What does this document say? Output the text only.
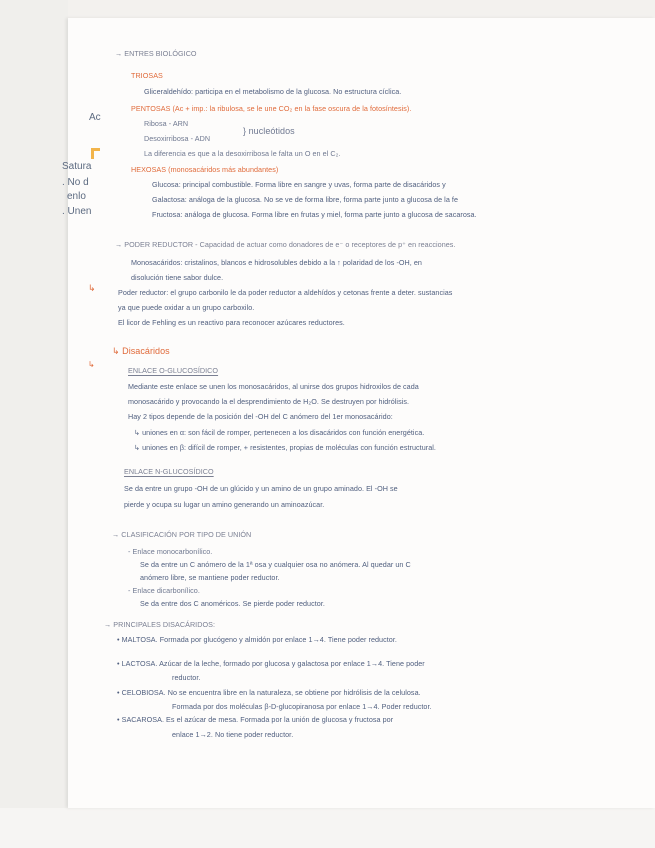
Ac
Satura
. No d
enlo
. Unen
↳
↳
→ ENTRES BIOLÓGICO
TRIOSAS
Gliceraldehído: participa en el metabolismo de la glucosa. No estructura cíclica.
PENTOSAS (Ac + imp.: la ribulosa, se le une CO₂ en la fase oscura de la fotosíntesis).
Ribosa - ARN
Desoxirribosa - ADN
} nucleótidos
La diferencia es que a la desoxirribosa le falta un O en el C₂.
HEXOSAS (monosacáridos más abundantes)
Glucosa: principal combustible. Forma libre en sangre y uvas, forma parte de disacáridos y
Galactosa: análoga de la glucosa. No se ve de forma libre, forma parte junto a glucosa de la fe
Fructosa: análoga de glucosa. Forma libre en frutas y miel, forma parte junto a glucosa de sacarosa.
→ PODER REDUCTOR - Capacidad de actuar como donadores de e⁻ o receptores de p⁺ en reacciones.
Monosacáridos: cristalinos, blancos e hidrosolubles debido a la ↑ polaridad de los -OH, en
disolución tiene sabor dulce.
Poder reductor: el grupo carbonilo le da poder reductor a aldehídos y cetonas frente a deter. sustancias
ya que puede oxidar a un grupo carboxilo.
El licor de Fehling es un reactivo para reconocer azúcares reductores.
↳ Disacáridos
ENLACE O-GLUCOSÍDICO
Mediante este enlace se unen los monosacáridos, al unirse dos grupos hidroxilos de cada
monosacárido y provocando la el desprendimiento de H₂O. Se destruyen por hidrólisis.
Hay 2 tipos depende de la posición del -OH del C anómero del 1er monosacárido:
↳ uniones en α: son fácil de romper, pertenecen a los disacáridos con función energética.
↳ uniones en β: difícil de romper, + resistentes, propias de moléculas con función estructural.
ENLACE N-GLUCOSÍDICO
Se da entre un grupo -OH de un glúcido y un amino de un grupo aminado. El -OH se
pierde y ocupa su lugar un amino generando un aminoazúcar.
→ CLASIFICACIÓN POR TIPO DE UNIÓN
- Enlace monocarbonílico.
Se da entre un C anómero de la 1ª osa y cualquier osa no anómera. Al quedar un C
anómero libre, se mantiene poder reductor.
- Enlace dicarbonílico.
Se da entre dos C anoméricos. Se pierde poder reductor.
→ PRINCIPALES DISACÁRIDOS:
• MALTOSA. Formada por glucógeno y almidón por enlace 1→4. Tiene poder reductor.
• LACTOSA. Azúcar de la leche, formado por glucosa y galactosa por enlace 1→4. Tiene poder
reductor.
• CELOBIOSA. No se encuentra libre en la naturaleza, se obtiene por hidrólisis de la celulosa.
Formada por dos moléculas β-D-glucopiranosa por enlace 1→4. Poder reductor.
• SACAROSA. Es el azúcar de mesa. Formada por la unión de glucosa y fructosa por
enlace 1→2. No tiene poder reductor.
